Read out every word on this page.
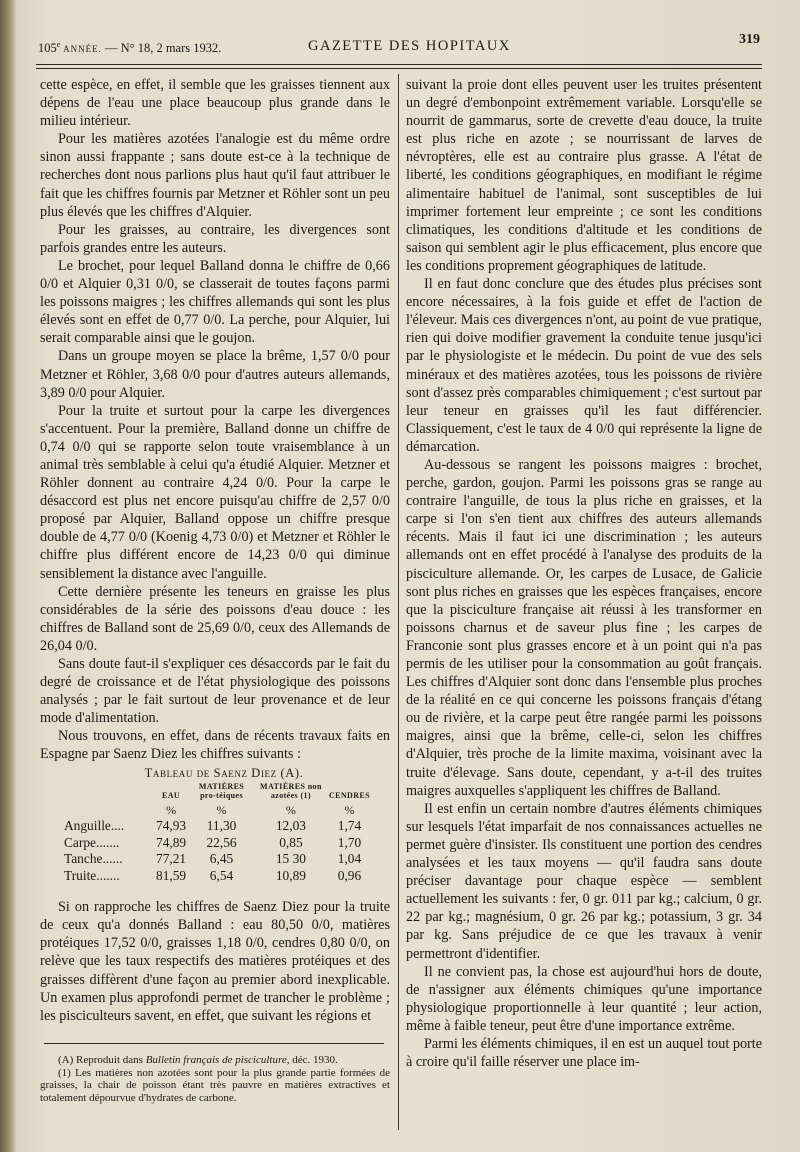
105e ANNÉE. — N° 18, 2 mars 1932.	GAZETTE DES HOPITAUX	319

cette espèce, en effet, il semble que les graisses tiennent aux dépens de l'eau une place beaucoup plus grande dans le milieu intérieur.

Pour les matières azotées l'analogie est du même ordre sinon aussi frappante ; sans doute est-ce à la technique de recherches dont nous parlions plus haut qu'il faut attribuer le fait que les chiffres fournis par Metzner et Röhler sont un peu plus élevés que les chiffres d'Alquier.

Pour les graisses, au contraire, les divergences sont parfois grandes entre les auteurs.

Le brochet, pour lequel Balland donna le chiffre de 0,66 0/0 et Alquier 0,31 0/0, se classerait de toutes façons parmi les poissons maigres ; les chiffres allemands qui sont les plus élevés sont en effet de 0,77 0/0. La perche, pour Alquier, lui serait comparable ainsi que le goujon.

Dans un groupe moyen se place la brême, 1,57 0/0 pour Metzner et Röhler, 3,68 0/0 pour d'autres auteurs allemands, 3,89 0/0 pour Alquier.

Pour la truite et surtout pour la carpe les divergences s'accentuent. Pour la première, Balland donne un chiffre de 0,74 0/0 qui se rapporte selon toute vraisemblance à un animal très semblable à celui qu'a étudié Alquier. Metzner et Röhler donnent au contraire 4,24 0/0. Pour la carpe le désaccord est plus net encore puisqu'au chiffre de 2,57 0/0 proposé par Alquier, Balland oppose un chiffre presque double de 4,77 0/0 (Koenig 4,73 0/0) et Metzner et Röhler le chiffre plus différent encore de 14,23 0/0 qui diminue sensiblement la distance avec l'anguille.

Cette dernière présente les teneurs en graisse les plus considérables de la série des poissons d'eau douce : les chiffres de Balland sont de 25,69 0/0, ceux des Allemands de 26,04 0/0.

Sans doute faut-il s'expliquer ces désaccords par le fait du degré de croissance et de l'état physiologique des poissons analysés ; par le fait surtout de leur provenance et de leur mode d'alimentation.

Nous trouvons, en effet, dans de récents travaux faits en Espagne par Saenz Diez les chiffres suivants :

Tableau de Saenz Diez (A).

	EAU	MATIÈRES pro-téiques	MATIÈRES non azotées (1)	CENDRES
	%	%	%	%
Anguille....	74,93	11,30	12,03	1,74
Carpe.......	74,89	22,56	0,85	1,70
Tanche......	77,21	6,45	15 30	1,04
Truite.......	81,59	6,54	10,89	0,96

Si on rapproche les chiffres de Saenz Diez pour la truite de ceux qu'a donnés Balland : eau 80,50 0/0, matières protéiques 17,52 0/0, graisses 1,18 0/0, cendres 0,80 0/0, on relève que les taux respectifs des matières protéiques et des graisses diffèrent d'une façon au premier abord inexplicable. Un examen plus approfondi permet de trancher le problème ; les pisciculteurs savent, en effet, que suivant les régions et

(A) Reproduit dans Bulletin français de pisciculture, déc. 1930.

(1) Les matières non azotées sont pour la plus grande partie formées de graisses, la chair de poisson étant très pauvre en matières extractives et totalement dépourvue d'hydrates de carbone.

suivant la proie dont elles peuvent user les truites présentent un degré d'embonpoint extrêmement variable. Lorsqu'elle se nourrit de gammarus, sorte de crevette d'eau douce, la truite est plus riche en azote ; se nourrissant de larves de névroptères, elle est au contraire plus grasse. A l'état de liberté, les conditions géographiques, en modifiant le régime alimentaire habituel de l'animal, sont susceptibles de lui imprimer fortement leur empreinte ; ce sont les conditions climatiques, les conditions d'altitude et les conditions de saison qui semblent agir le plus efficacement, plus encore que les conditions proprement géographiques de latitude.

Il en faut donc conclure que des études plus précises sont encore nécessaires, à la fois guide et effet de l'action de l'éleveur. Mais ces divergences n'ont, au point de vue pratique, rien qui doive modifier gravement la conduite tenue jusqu'ici par le physiologiste et le médecin. Du point de vue des sels minéraux et des matières azotées, tous les poissons de rivière sont d'assez près comparables chimiquement ; c'est surtout par leur teneur en graisses qu'il les faut différencier. Classiquement, c'est le taux de 4 0/0 qui représente la ligne de démarcation.

Au-dessous se rangent les poissons maigres : brochet, perche, gardon, goujon. Parmi les poissons gras se range au contraire l'anguille, de tous la plus riche en graisses, et la carpe si l'on s'en tient aux chiffres des auteurs allemands récents. Mais il faut ici une discrimination ; les auteurs allemands ont en effet procédé à l'analyse des produits de la pisciculture allemande. Or, les carpes de Lusace, de Galicie sont plus riches en graisses que les espèces françaises, encore que la pisciculture française ait réussi à les transformer en poissons charnus et de saveur plus fine ; les carpes de Franconie sont plus grasses encore et à un point qui n'a pas permis de les utiliser pour la consommation au goût français. Les chiffres d'Alquier sont donc dans l'ensemble plus proches de la réalité en ce qui concerne les poissons français d'étang ou de rivière, et la carpe peut être rangée parmi les poissons maigres, ainsi que la brême, celle-ci, selon les chiffres d'Alquier, très proche de la limite maxima, voisinant avec la truite d'élevage. Sans doute, cependant, y a-t-il des truites maigres auxquelles s'appliquent les chiffres de Balland.

Il est enfin un certain nombre d'autres éléments chimiques sur lesquels l'état imparfait de nos connaissances actuelles ne permet guère d'insister. Ils constituent une portion des cendres analysées et les taux moyens — qu'il faudra sans doute préciser davantage pour chaque espèce — semblent actuellement les suivants : fer, 0 gr. 011 par kg.; calcium, 0 gr. 22 par kg.; magnésium, 0 gr. 26 par kg.; potassium, 3 gr. 34 par kg. Sans préjudice de ce que les travaux à venir permettront d'identifier.

Il ne convient pas, la chose est aujourd'hui hors de doute, de n'assigner aux éléments chimiques qu'une importance physiologique proportionnelle à leur quantité ; leur action, même à faible teneur, peut être d'une importance extrême.

Parmi les éléments chimiques, il en est un auquel tout porte à croire qu'il faille réserver une place im-
